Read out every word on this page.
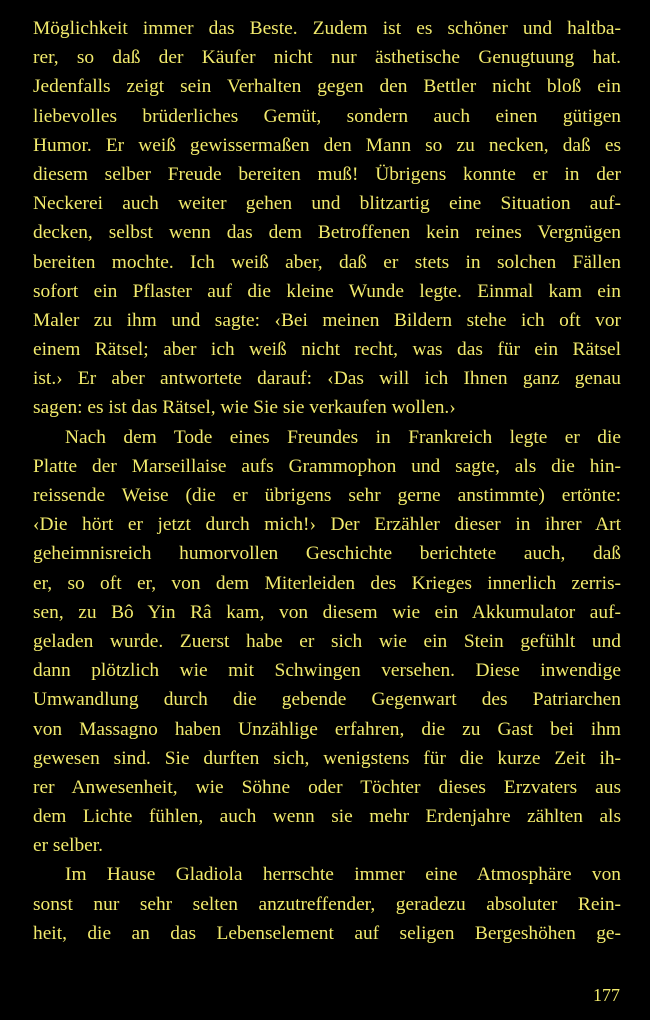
Möglichkeit immer das Beste. Zudem ist es schöner und haltba-
rer, so daß der Käufer nicht nur ästhetische Genugtuung hat.
Jedenfalls zeigt sein Verhalten gegen den Bettler nicht bloß ein
liebevolles brüderliches Gemüt, sondern auch einen gütigen
Humor. Er weiß gewissermaßen den Mann so zu necken, daß es
diesem selber Freude bereiten muß! Übrigens konnte er in der
Neckerei auch weiter gehen und blitzartig eine Situation auf-
decken, selbst wenn das dem Betroffenen kein reines Vergnügen
bereiten mochte. Ich weiß aber, daß er stets in solchen Fällen
sofort ein Pflaster auf die kleine Wunde legte. Einmal kam ein
Maler zu ihm und sagte: ‹Bei meinen Bildern stehe ich oft vor
einem Rätsel; aber ich weiß nicht recht, was das für ein Rätsel
ist.› Er aber antwortete darauf: ‹Das will ich Ihnen ganz genau
sagen: es ist das Rätsel, wie Sie sie verkaufen wollen.›
Nach dem Tode eines Freundes in Frankreich legte er die
Platte der Marseillaise aufs Grammophon und sagte, als die hin-
reissende Weise (die er übrigens sehr gerne anstimmte) ertönte:
‹Die hört er jetzt durch mich!› Der Erzähler dieser in ihrer Art
geheimnisreich humorvollen Geschichte berichtete auch, daß
er, so oft er, von dem Miterleiden des Krieges innerlich zerris-
sen, zu Bô Yin Râ kam, von diesem wie ein Akkumulator auf-
geladen wurde. Zuerst habe er sich wie ein Stein gefühlt und
dann plötzlich wie mit Schwingen versehen. Diese inwendige
Umwandlung durch die gebende Gegenwart des Patriarchen
von Massagno haben Unzählige erfahren, die zu Gast bei ihm
gewesen sind. Sie durften sich, wenigstens für die kurze Zeit ih-
rer Anwesenheit, wie Söhne oder Töchter dieses Erzvaters aus
dem Lichte fühlen, auch wenn sie mehr Erdenjahre zählten als
er selber.
Im Hause Gladiola herrschte immer eine Atmosphäre von
sonst nur sehr selten anzutreffender, geradezu absoluter Rein-
heit, die an das Lebenselement auf seligen Bergeshöhen ge-
177
